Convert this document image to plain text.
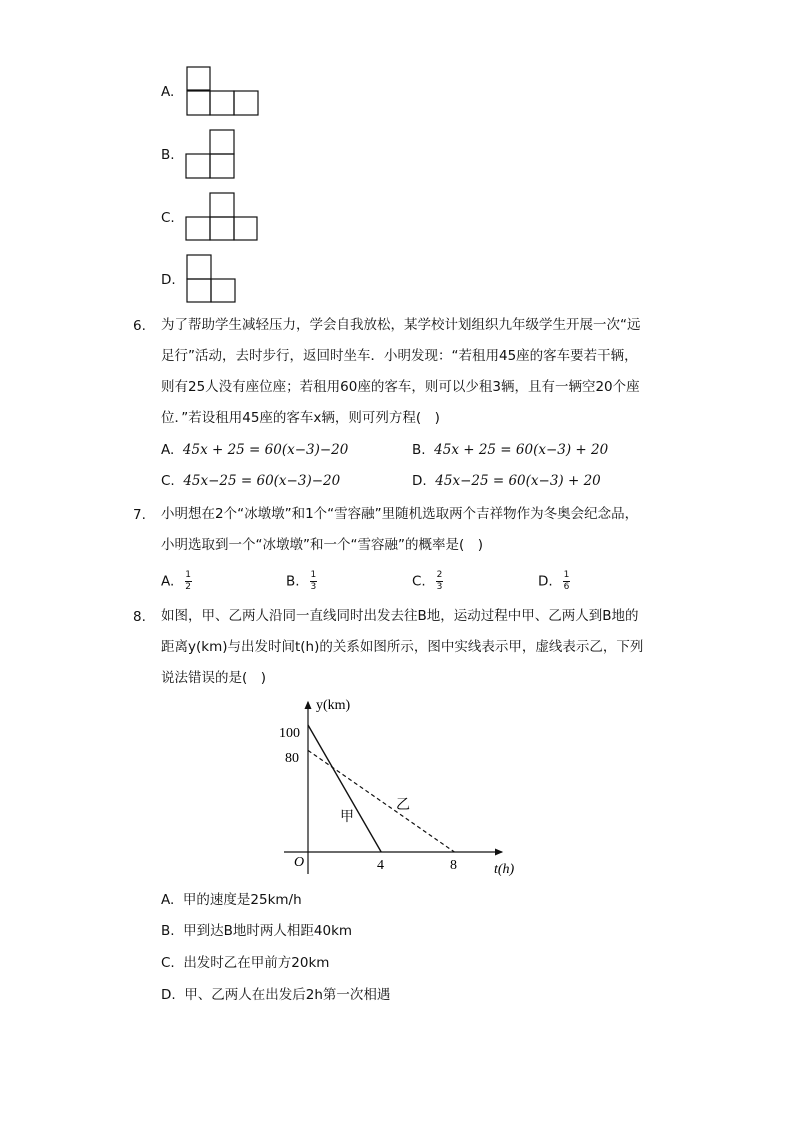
A.
B.
C.
D.
6. 为了帮助学生减轻压力，学会自我放松，某学校计划组织九年级学生开展一次“远
足行”活动，去时步行，返回时坐车．小明发现：“若租用45座的客车要若干辆，
则有25人没有座位座；若租用60座的客车，则可以少租3辆，且有一辆空20个座
位．”若设租用45座的客车x辆，则可列方程(　)
A. 45x + 25 = 60(x−3)−20	B. 45x + 25 = 60(x−3) + 20
C. 45x−25 = 60(x−3)−20	D. 45x−25 = 60(x−3) + 20
7. 小明想在2个“冰墩墩”和1个“雪容融”里随机选取两个吉祥物作为冬奥会纪念品，
小明选取到一个“冰墩墩”和一个“雪容融”的概率是(　)
A. $\frac{1}{2}$	B. $\frac{1}{3}$	C. $\frac{2}{3}$	D. $\frac{1}{6}$
8. 如图，甲、乙两人沿同一直线同时出发去往B地，运动过程中甲、乙两人到B地的
距离y(km)与出发时间t(h)的关系如图所示，图中实线表示甲，虚线表示乙，下列
说法错误的是(　)
y(km)
t(h)
O
100
80
4	8
甲
乙
A. 甲的速度是25km/h
B. 甲到达B地时两人相距40km
C. 出发时乙在甲前方20km
D. 甲、乙两人在出发后2h第一次相遇
